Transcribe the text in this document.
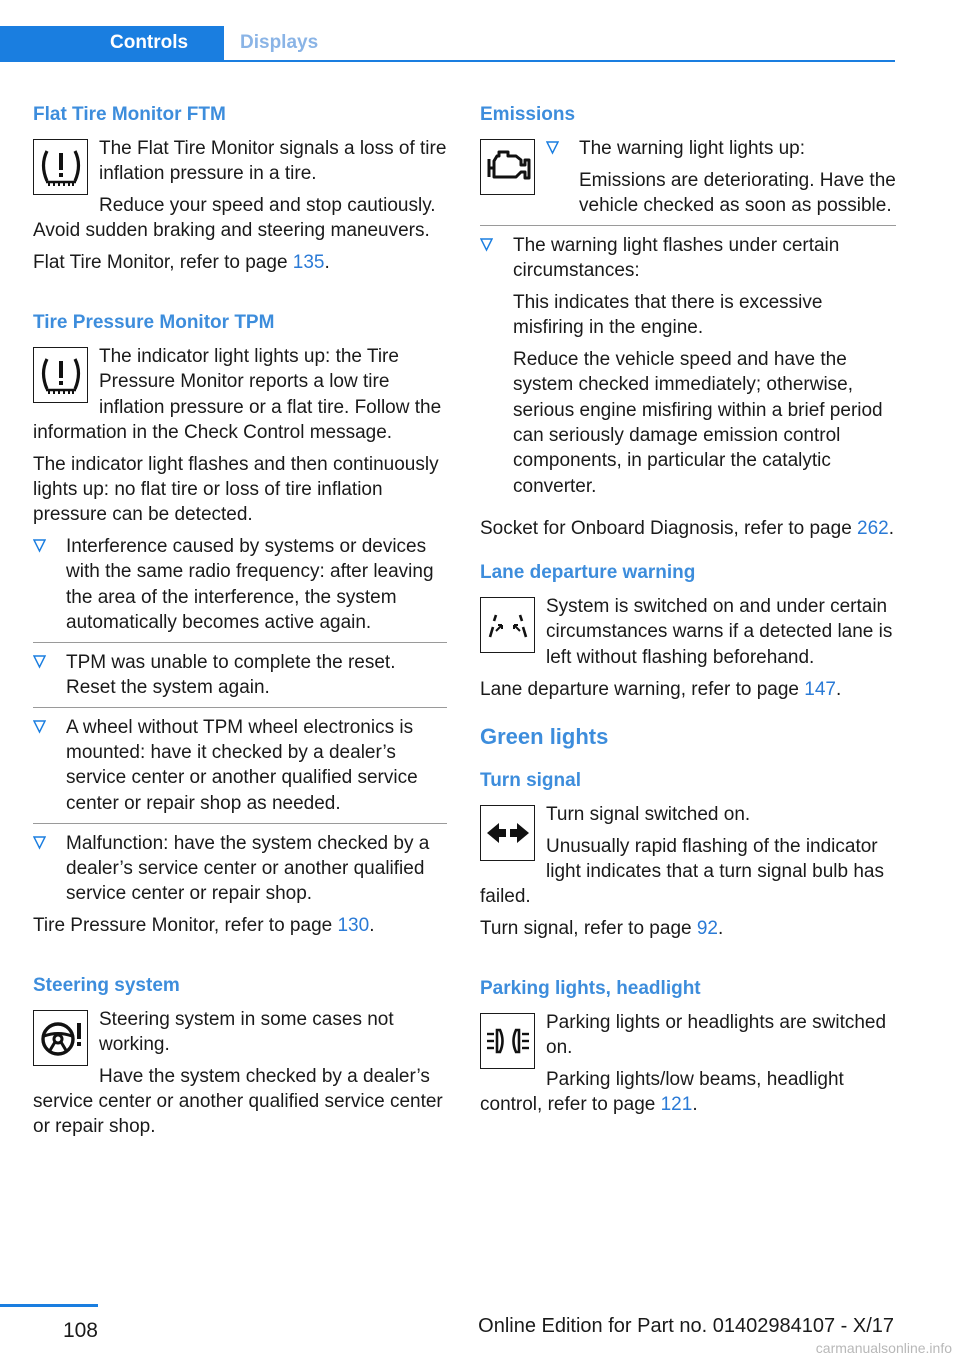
Controls	Displays
Flat Tire Monitor FTM

The Flat Tire Monitor signals a loss of tire inflation pressure in a tire.

Reduce your speed and stop cautiously. Avoid sudden braking and steering maneuvers.

Flat Tire Monitor, refer to page 135.

Tire Pressure Monitor TPM

The indicator light lights up: the Tire Pressure Monitor reports a low tire inflation pressure or a flat tire. Follow the information in the Check Control message.

The indicator light flashes and then continuously lights up: no flat tire or loss of tire inflation pressure can be detected.

Interference caused by systems or devices with the same radio frequency: after leaving the area of the interference, the system automatically becomes active again.
TPM was unable to complete the reset. Reset the system again.
A wheel without TPM wheel electronics is mounted: have it checked by a dealer’s service center or another qualified service center or repair shop as needed.
Malfunction: have the system checked by a dealer’s service center or another qualified service center or repair shop.

Tire Pressure Monitor, refer to page 130.

Steering system

Steering system in some cases not working.

Have the system checked by a dealer’s service center or another qualified service center or repair shop.

Emissions
The warning light lights up:

Emissions are deteriorating. Have the vehicle checked as soon as possible.

The warning light flashes under certain circumstances:

This indicates that there is excessive misfiring in the engine.

Reduce the vehicle speed and have the system checked immediately; otherwise, serious engine misfiring within a brief period can seriously damage emission control components, in particular the catalytic converter.

Socket for Onboard Diagnosis, refer to page 262.

Lane departure warning

System is switched on and under certain circumstances warns if a detected lane is left without flashing beforehand.

Lane departure warning, refer to page 147.

Green lights
Turn signal

Turn signal switched on.

Unusually rapid flashing of the indicator light indicates that a turn signal bulb has failed.

Turn signal, refer to page 92.

Parking lights, headlight

Parking lights or headlights are switched on.

Parking lights/low beams, headlight control, refer to page 121.

108	Online Edition for Part no. 01402984107 - X/17
carmanualsonline.info
